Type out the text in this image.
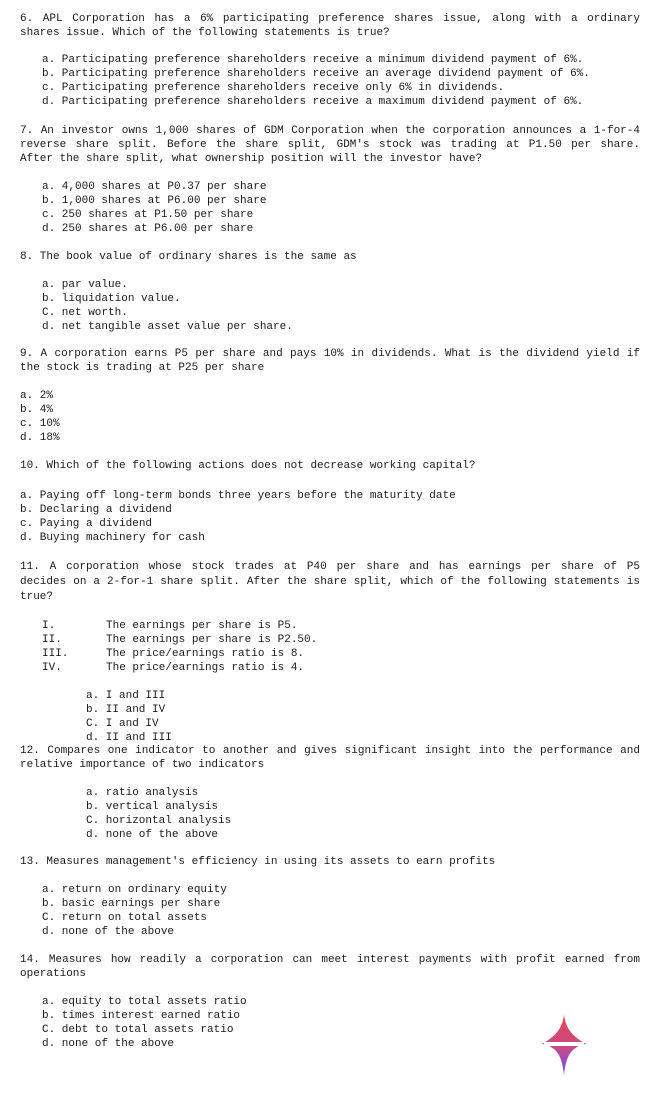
6. APL Corporation has a 6% participating preference shares issue, along with a ordinary shares issue. Which of the following statements is true?

a. Participating preference shareholders receive a minimum dividend payment of 6%.
b. Participating preference shareholders receive an average dividend payment of 6%.
c. Participating preference shareholders receive only 6% in dividends.
d. Participating preference shareholders receive a maximum dividend payment of 6%.

7. An investor owns 1,000 shares of GDM Corporation when the corporation announces a 1-for-4 reverse share split. Before the share split, GDM's stock was trading at P1.50 per share. After the share split, what ownership position will the investor have?

a. 4,000 shares at P0.37 per share
b. 1,000 shares at P6.00 per share
c. 250 shares at P1.50 per share
d. 250 shares at P6.00 per share

8. The book value of ordinary shares is the same as

a. par value.
b. liquidation value.
C. net worth.
d. net tangible asset value per share.

9. A corporation earns P5 per share and pays 10% in dividends. What is the dividend yield if the stock is trading at P25 per share

a. 2%
b. 4%
c. 10%
d. 18%

10. Which of the following actions does not decrease working capital?

a. Paying off long-term bonds three years before the maturity date
b. Declaring a dividend
c. Paying a dividend
d. Buying machinery for cash

11. A corporation whose stock trades at P40 per share and has earnings per share of P5 decides on a 2-for-1 share split. After the share split, which of the following statements is true?

I.	The earnings per share is P5.
II.	The earnings per share is P2.50.
III.	The price/earnings ratio is 8.
IV.	The price/earnings ratio is 4.
a. I and III
b. II and IV
C. I and IV
d. II and III

12. Compares one indicator to another and gives significant insight into the performance and relative importance of two indicators

a. ratio analysis
b. vertical analysis
C. horizontal analysis
d. none of the above

13. Measures management's efficiency in using its assets to earn profits

a. return on ordinary equity
b. basic earnings per share
C. return on total assets
d. none of the above

14. Measures how readily a corporation can meet interest payments with profit earned from operations

a. equity to total assets ratio
b. times interest earned ratio
C. debt to total assets ratio
d. none of the above
